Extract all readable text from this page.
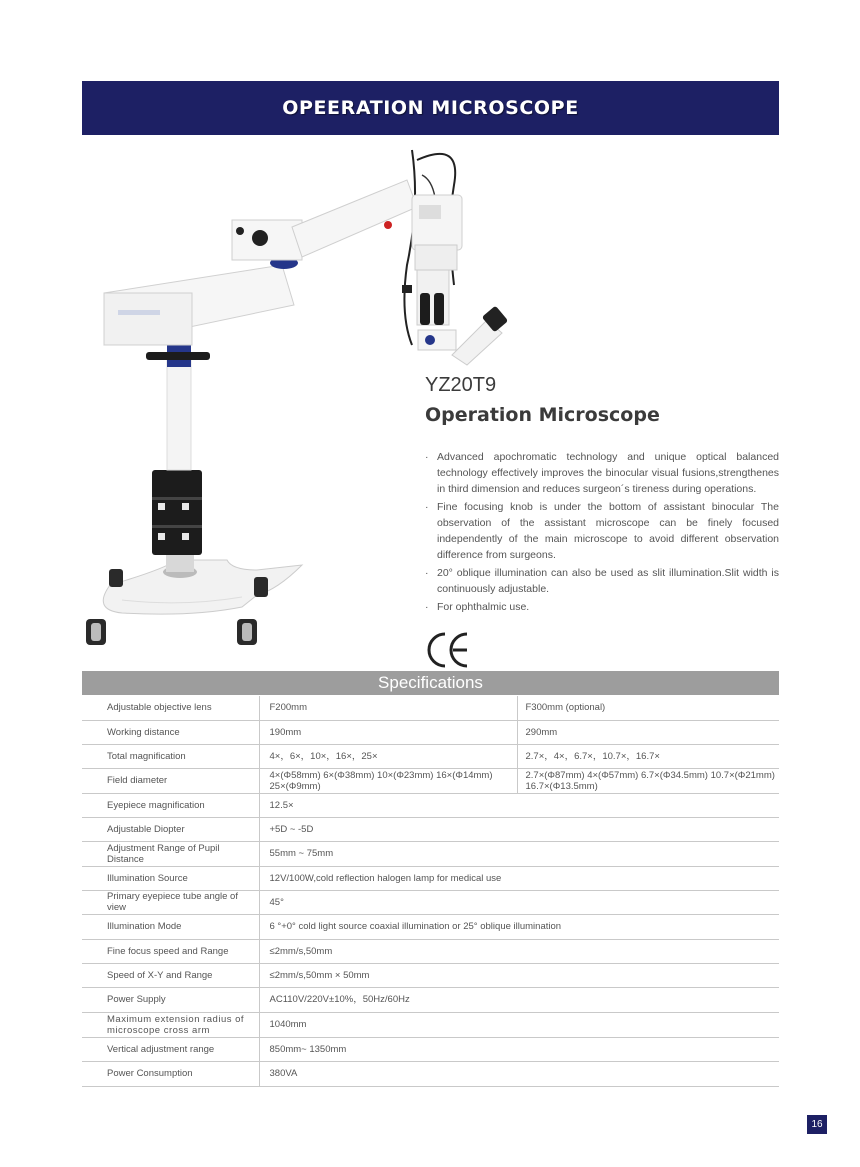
OPEERATION MICROSCOPE
YZ20T9
Operation Microscope
· Advanced apochromatic technology and unique optical balanced technology effectively improves the binocular visual fusions,strengthenes in third dimension and reduces surgeon´s tireness during operations.
· Fine focusing knob is under the bottom of assistant binocular The observation of the assistant microscope can be finely focused independently of the main microscope to avoid different observation difference from surgeons.
· 20° oblique illumination can also be used as slit illumination.Slit width is continuously adjustable.
· For ophthalmic use.
Specifications
Adjustable objective lens	F200mm	F300mm (optional)
Working distance	190mm	290mm
Total magnification	4×，6×，10×，16×，25×	2.7×，4×，6.7×，10.7×，16.7×
Field diameter	4×(Φ58mm) 6×(Φ38mm) 10×(Φ23mm) 16×(Φ14mm) 25×(Φ9mm)	2.7×(Φ87mm) 4×(Φ57mm) 6.7×(Φ34.5mm) 10.7×(Φ21mm) 16.7×(Φ13.5mm)
Eyepiece magnification	12.5×	
Adjustable Diopter	+5D ~ -5D	
Adjustment Range of Pupil Distance	55mm ~ 75mm	
Illumination Source	12V/100W,cold reflection halogen lamp for medical use	
Primary eyepiece tube angle of view	45°	
Illumination Mode	6 °+0° cold light source coaxial illumination or 25° oblique illumination	
Fine focus speed and Range	≤2mm/s,50mm	
Speed of X-Y and Range	≤2mm/s,50mm × 50mm	
Power Supply	AC110V/220V±10%，50Hz/60Hz	
Maximum extension radius of microscope cross arm	1040mm	
Vertical adjustment range	850mm~ 1350mm	
Power Consumption	380VA	
16
